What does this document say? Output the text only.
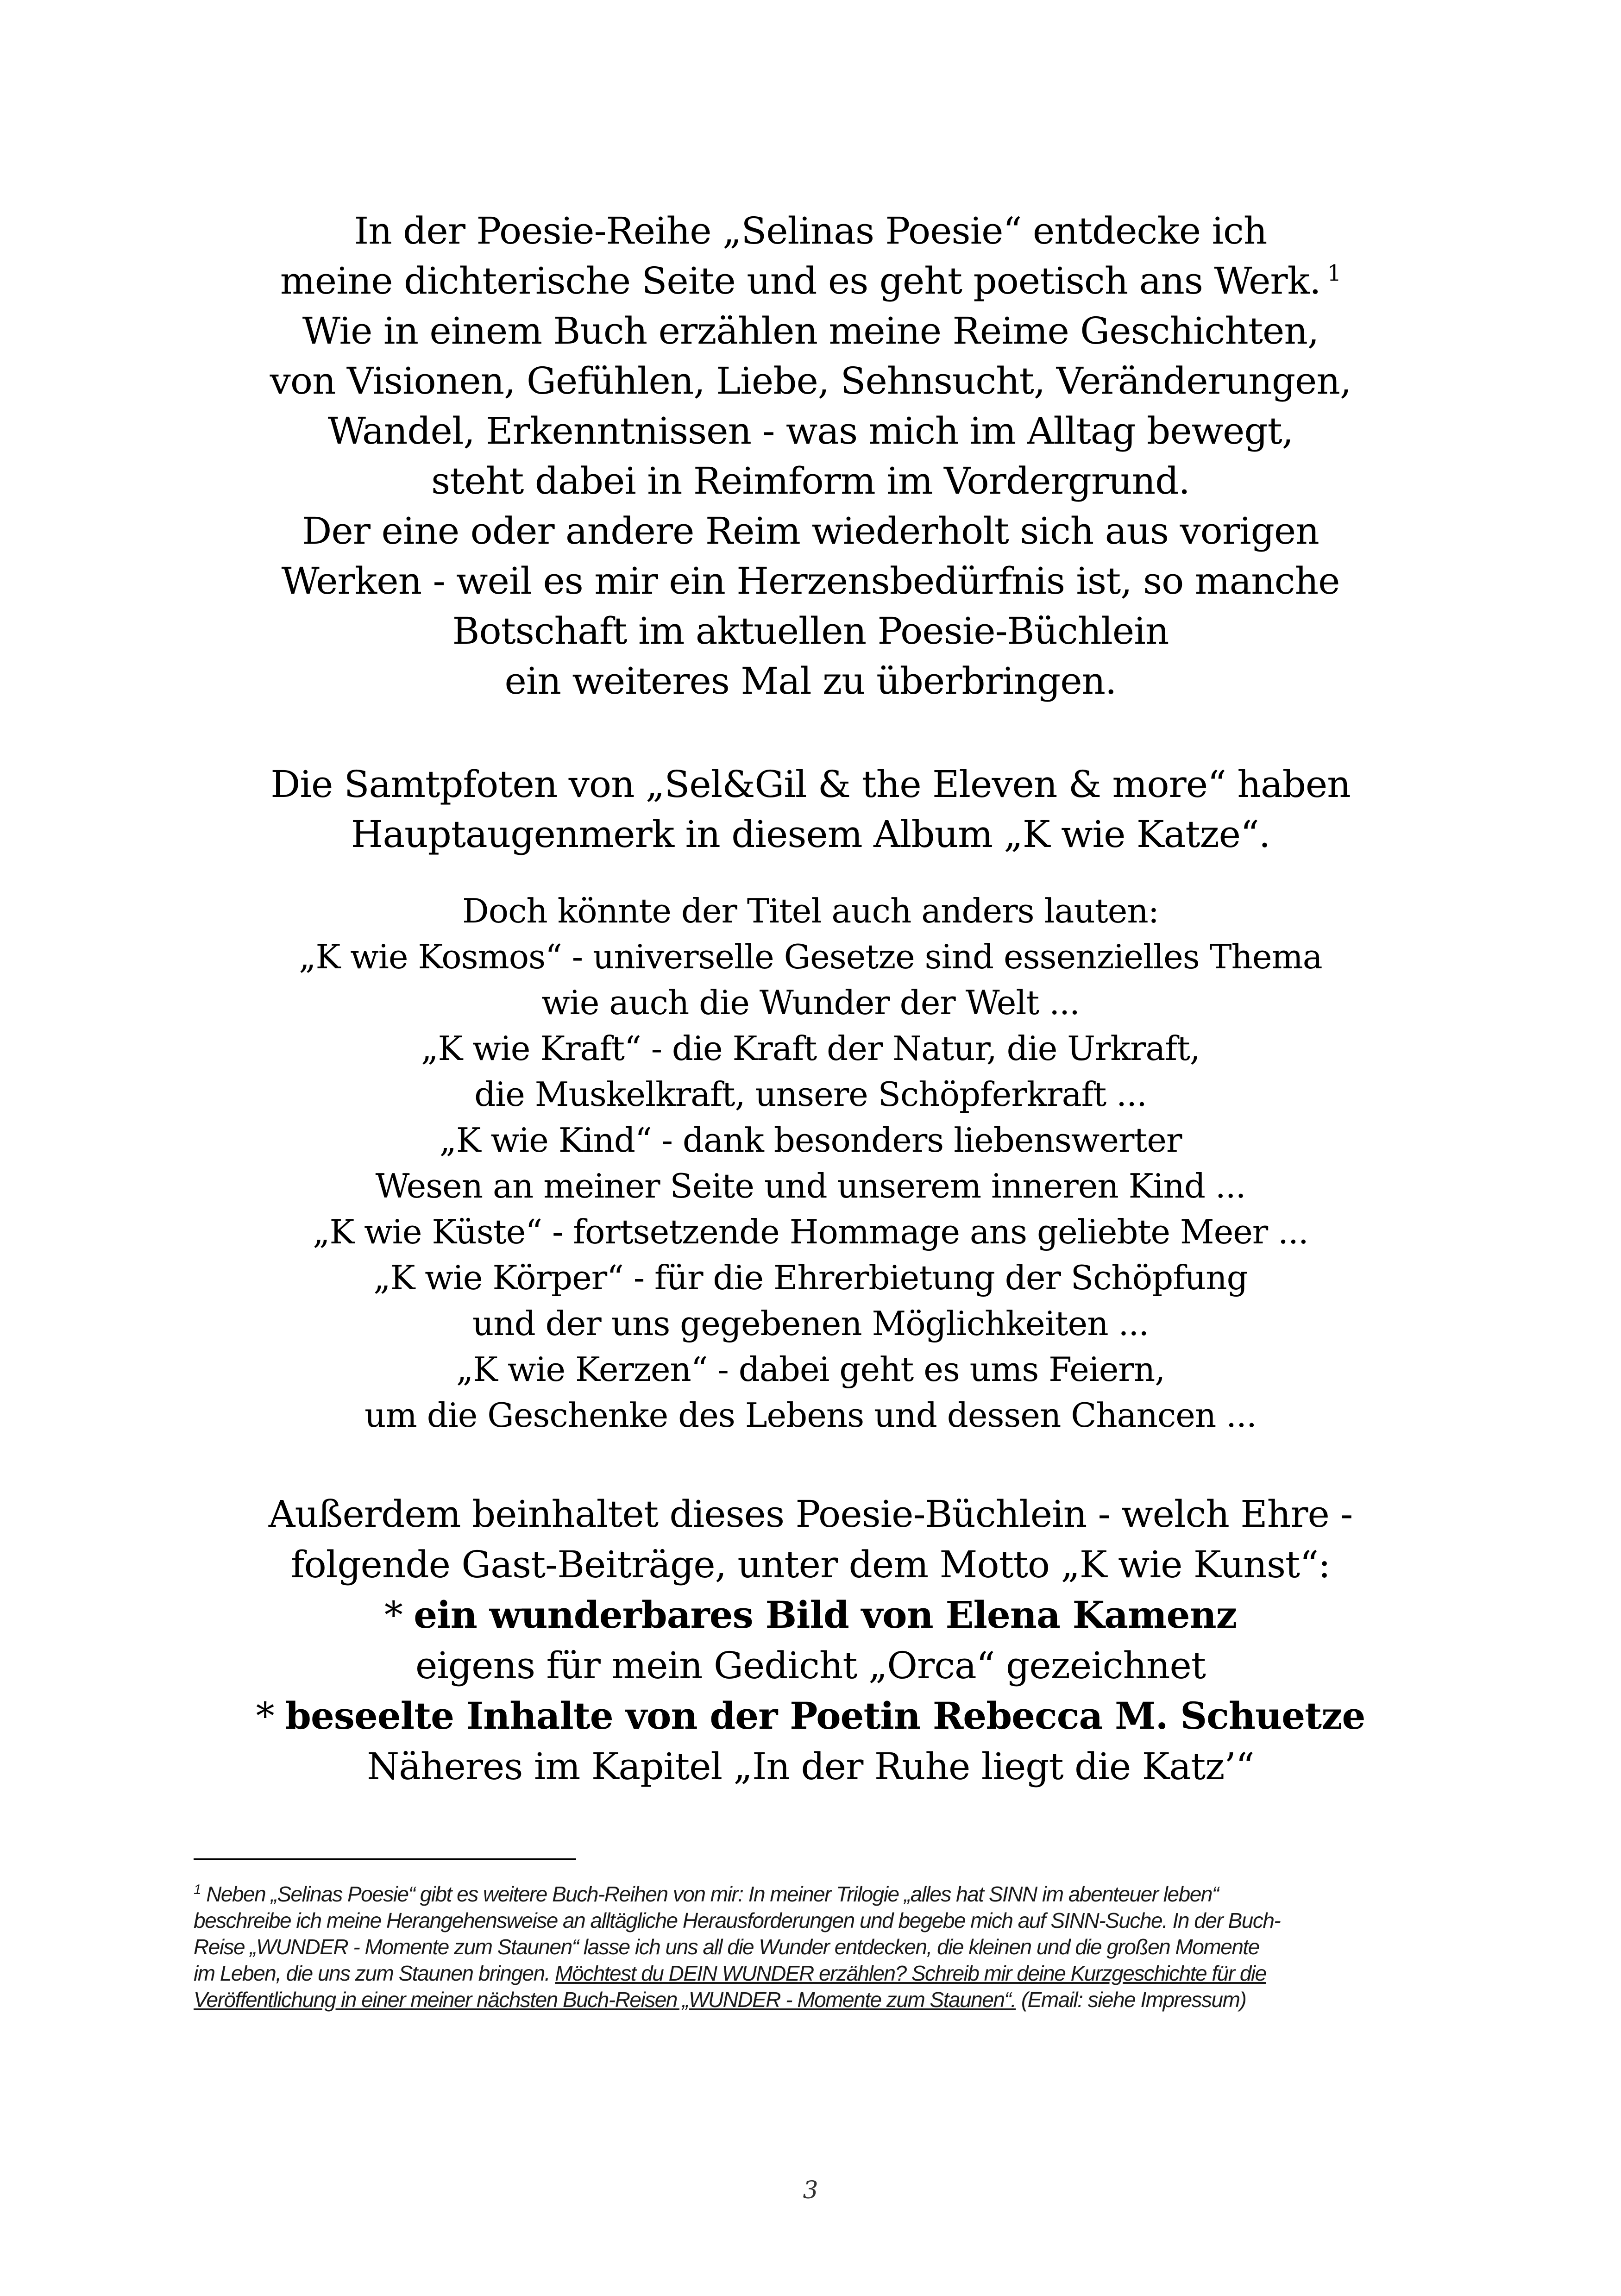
In der Poesie-Reihe „Selinas Poesie“ entdecke ich
meine dichterische Seite und es geht poetisch ans Werk. $^1$
Wie in einem Buch erzählen meine Reime Geschichten,
von Visionen, Gefühlen, Liebe, Sehnsucht, Veränderungen,
Wandel, Erkenntnissen - was mich im Alltag bewegt,
steht dabei in Reimform im Vordergrund.
Der eine oder andere Reim wiederholt sich aus vorigen
Werken - weil es mir ein Herzensbedürfnis ist, so manche
Botschaft im aktuellen Poesie-Büchlein
ein weiteres Mal zu überbringen.
Die Samtpfoten von „Sel&Gil & the Eleven & more“ haben
Hauptaugenmerk in diesem Album „K wie Katze“.
Doch könnte der Titel auch anders lauten:
„K wie Kosmos“ - universelle Gesetze sind essenzielles Thema
wie auch die Wunder der Welt ...
„K wie Kraft“ - die Kraft der Natur, die Urkraft,
die Muskelkraft, unsere Schöpferkraft ...
„K wie Kind“ - dank besonders liebenswerter
Wesen an meiner Seite und unserem inneren Kind ...
„K wie Küste“ - fortsetzende Hommage ans geliebte Meer ...
„K wie Körper“ - für die Ehrerbietung der Schöpfung
und der uns gegebenen Möglichkeiten ...
„K wie Kerzen“ - dabei geht es ums Feiern,
um die Geschenke des Lebens und dessen Chancen ...
Außerdem beinhaltet dieses Poesie-Büchlein - welch Ehre -
folgende Gast-Beiträge, unter dem Motto „K wie Kunst“:
* ein wunderbares Bild von Elena Kamenz
eigens für mein Gedicht „Orca“ gezeichnet
* beseelte Inhalte von der Poetin Rebecca M. Schuetze
Näheres im Kapitel „In der Ruhe liegt die Katz’“
$^1$ Neben „Selinas Poesie“ gibt es weitere Buch-Reihen von mir: In meiner Trilogie „alles hat SINN im abenteuer leben“
beschreibe ich meine Herangehensweise an alltägliche Herausforderungen und begebe mich auf SINN-Suche. In der Buch-
Reise „WUNDER - Momente zum Staunen“ lasse ich uns all die Wunder entdecken, die kleinen und die großen Momente
im Leben, die uns zum Staunen bringen. Möchtest du DEIN WUNDER erzählen? Schreib mir deine Kurzgeschichte für die
Veröffentlichung in einer meiner nächsten Buch-Reisen „WUNDER - Momente zum Staunen“. (Email: siehe Impressum)
3
